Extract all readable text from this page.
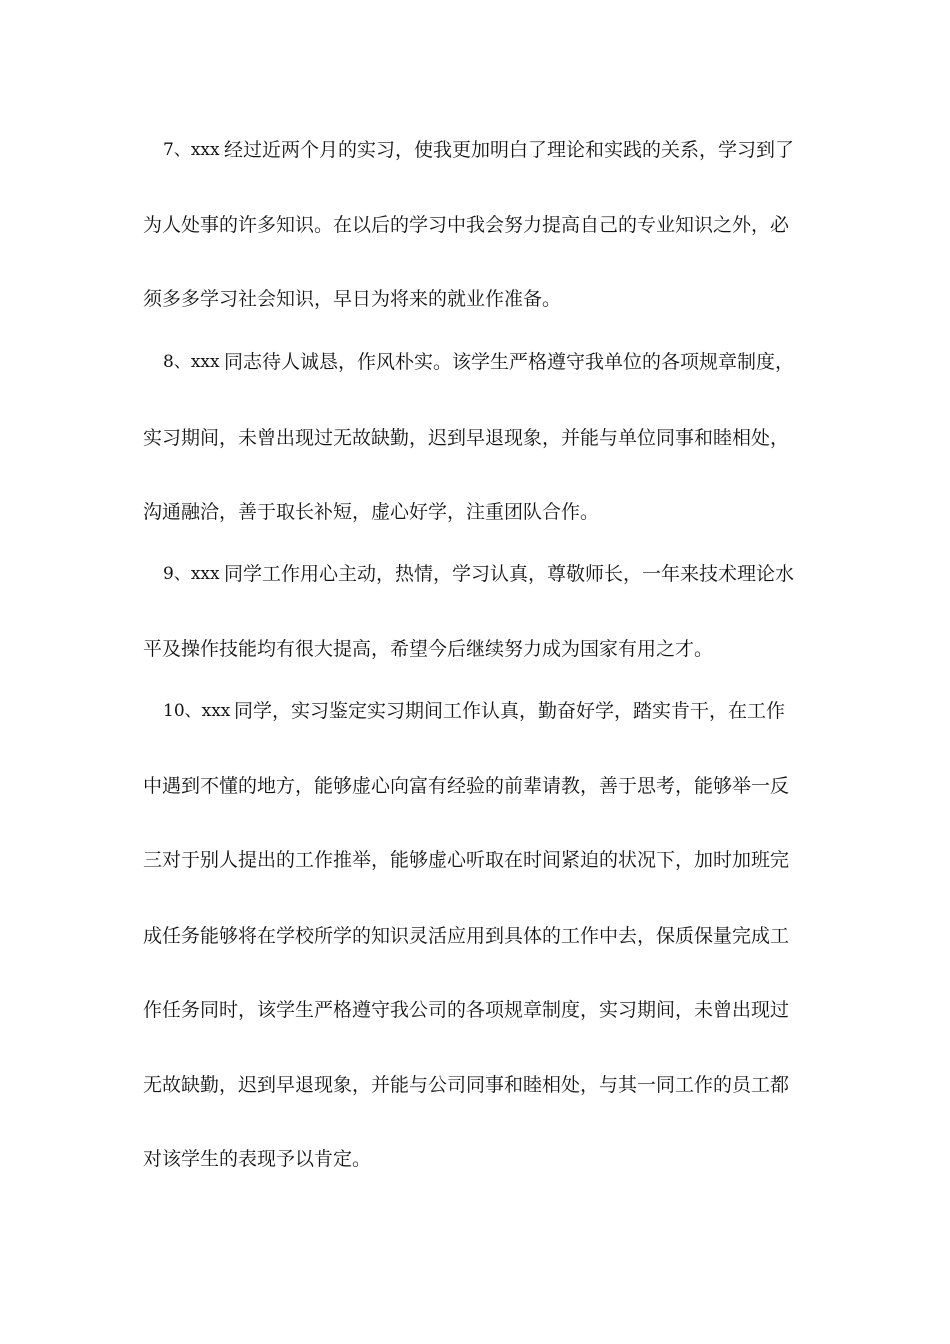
7、xxx 经过近两个月的实习，使我更加明白了理论和实践的关系，学习到了
为人处事的许多知识。在以后的学习中我会努力提高自己的专业知识之外，必
须多多学习社会知识，早日为将来的就业作准备。
8、xxx 同志待人诚恳，作风朴实。该学生严格遵守我单位的各项规章制度，
实习期间，未曾出现过无故缺勤，迟到早退现象，并能与单位同事和睦相处，
沟通融洽，善于取长补短，虚心好学，注重团队合作。
9、xxx 同学工作用心主动，热情，学习认真，尊敬师长，一年来技术理论水
平及操作技能均有很大提高，希望今后继续努力成为国家有用之才。
10、xxx 同学，实习鉴定实习期间工作认真，勤奋好学，踏实肯干，在工作
中遇到不懂的地方，能够虚心向富有经验的前辈请教，善于思考，能够举一反
三对于别人提出的工作推举，能够虚心听取在时间紧迫的状况下，加时加班完
成任务能够将在学校所学的知识灵活应用到具体的工作中去，保质保量完成工
作任务同时，该学生严格遵守我公司的各项规章制度，实习期间，未曾出现过
无故缺勤，迟到早退现象，并能与公司同事和睦相处，与其一同工作的员工都
对该学生的表现予以肯定。
